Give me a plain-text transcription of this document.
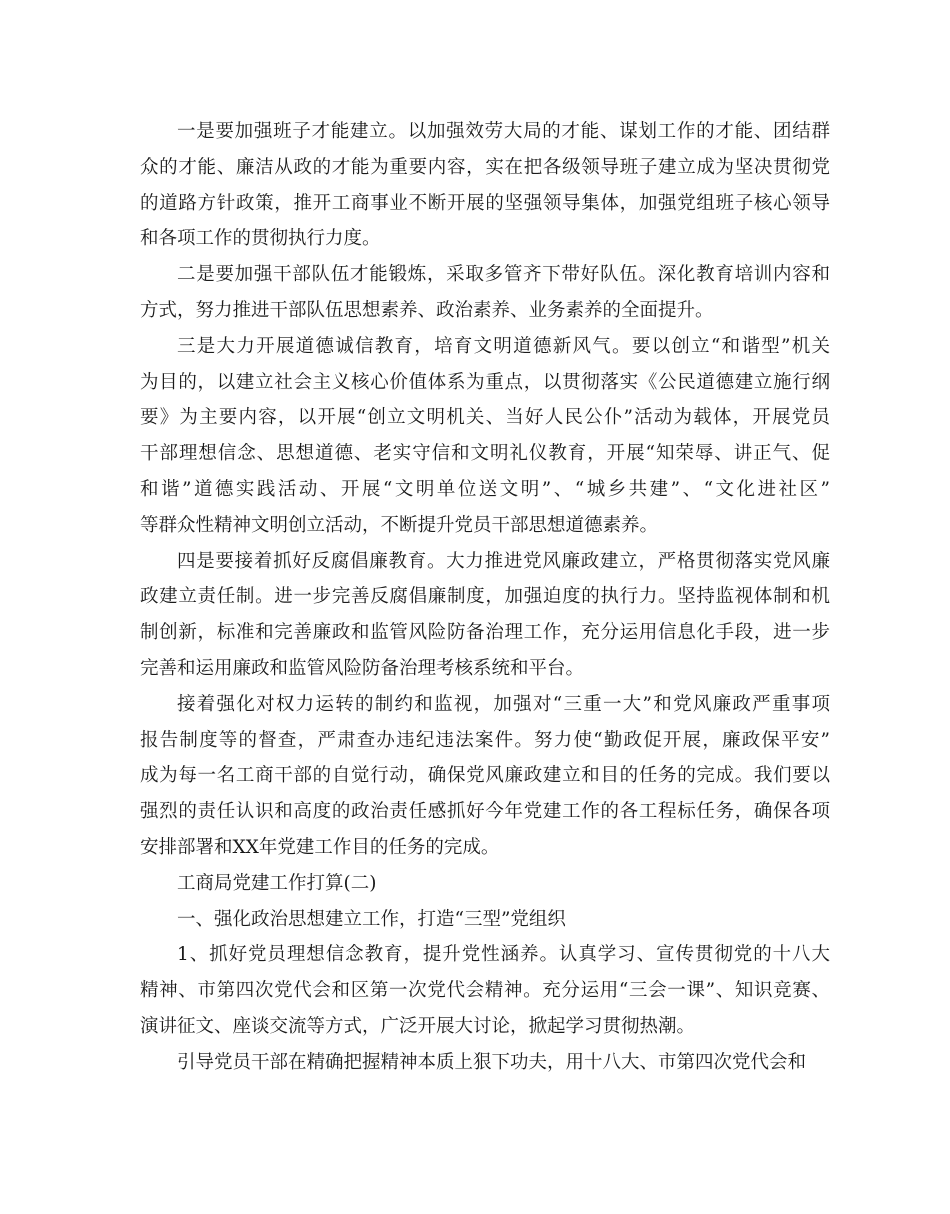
一是要加强班子才能建立。以加强效劳大局的才能、谋划工作的才能、团结群
众的才能、廉洁从政的才能为重要内容，实在把各级领导班子建立成为坚决贯彻党
的道路方针政策，推开工商事业不断开展的坚强领导集体，加强党组班子核心领导
和各项工作的贯彻执行力度。
二是要加强干部队伍才能锻炼，采取多管齐下带好队伍。深化教育培训内容和
方式，努力推进干部队伍思想素养、政治素养、业务素养的全面提升。
三是大力开展道德诚信教育，培育文明道德新风气。要以创立“和谐型”机关
为目的，以建立社会主义核心价值体系为重点，以贯彻落实《公民道德建立施行纲
要》为主要内容，以开展“创立文明机关、当好人民公仆”活动为载体，开展党员
干部理想信念、思想道德、老实守信和文明礼仪教育，开展“知荣辱、讲正气、促
和谐”道德实践活动、开展“文明单位送文明”、“城乡共建”、“文化进社区”
等群众性精神文明创立活动，不断提升党员干部思想道德素养。
四是要接着抓好反腐倡廉教育。大力推进党风廉政建立，严格贯彻落实党风廉
政建立责任制。进一步完善反腐倡廉制度，加强迫度的执行力。坚持监视体制和机
制创新，标准和完善廉政和监管风险防备治理工作，充分运用信息化手段，进一步
完善和运用廉政和监管风险防备治理考核系统和平台。
接着强化对权力运转的制约和监视，加强对“三重一大”和党风廉政严重事项
报告制度等的督查，严肃查办违纪违法案件。努力使“勤政促开展，廉政保平安”
成为每一名工商干部的自觉行动，确保党风廉政建立和目的任务的完成。我们要以
强烈的责任认识和高度的政治责任感抓好今年党建工作的各工程标任务，确保各项
安排部署和XX年党建工作目的任务的完成。
工商局党建工作打算(二)
一、强化政治思想建立工作，打造“三型”党组织
1、抓好党员理想信念教育，提升党性涵养。认真学习、宣传贯彻党的十八大
精神、市第四次党代会和区第一次党代会精神。充分运用“三会一课”、知识竞赛、
演讲征文、座谈交流等方式，广泛开展大讨论，掀起学习贯彻热潮。
引导党员干部在精确把握精神本质上狠下功夫，用十八大、市第四次党代会和
